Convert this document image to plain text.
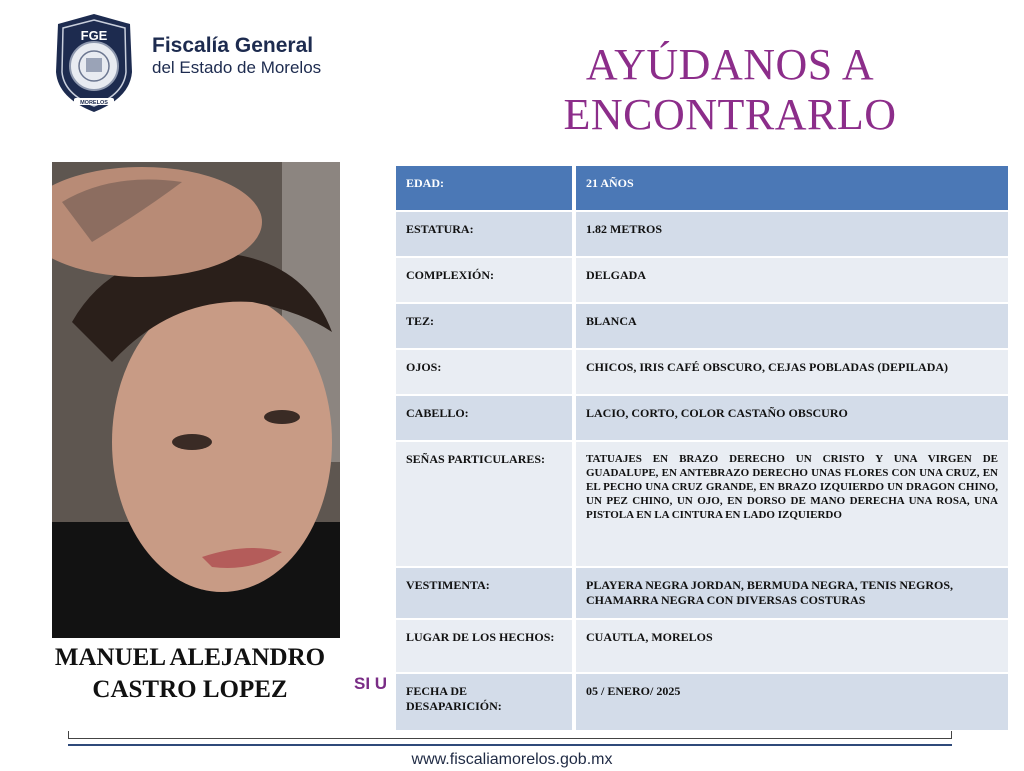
FGE
MORELOS
Fiscalía General
del Estado de Morelos	AYÚDANOS A
ENCONTRARLO
MANUEL ALEJANDRO
CASTRO LOPEZ	SI U
EDAD:	21 AÑOS
ESTATURA:	1.82 METROS
COMPLEXIÓN:	DELGADA
TEZ:	BLANCA
OJOS:	CHICOS, IRIS CAFÉ OBSCURO, CEJAS POBLADAS (DEPILADA)
CABELLO:	LACIO, CORTO, COLOR CASTAÑO OBSCURO
SEÑAS PARTICULARES:	TATUAJES EN BRAZO DERECHO UN CRISTO Y UNA VIRGEN DE GUADALUPE, EN ANTEBRAZO DERECHO UNAS FLORES CON UNA CRUZ, EN EL PECHO UNA CRUZ GRANDE, EN BRAZO IZQUIERDO UN DRAGON CHINO, UN PEZ CHINO, UN OJO, EN DORSO DE MANO DERECHA UNA ROSA, UNA PISTOLA EN LA CINTURA EN LADO IZQUIERDO
VESTIMENTA:	PLAYERA NEGRA JORDAN, BERMUDA NEGRA, TENIS NEGROS, CHAMARRA NEGRA CON DIVERSAS COSTURAS
LUGAR DE LOS HECHOS:	CUAUTLA, MORELOS
FECHA DE DESAPARICIÓN:	05 / ENERO/ 2025
www.fiscaliamorelos.gob.mx
